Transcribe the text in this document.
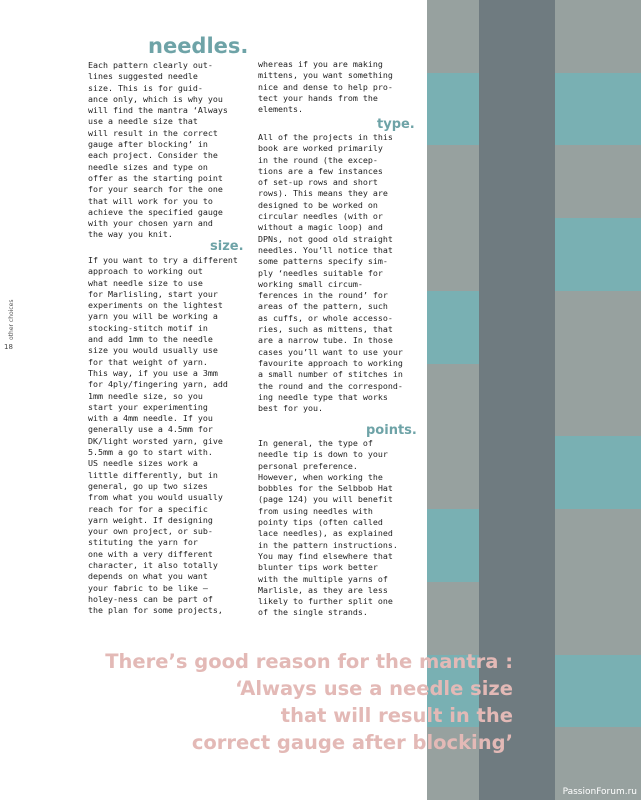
other choices
18
needles.

Each pattern clearly out-

lines suggested needle

size. This is for guid-

ance only, which is why you

will find the mantra ‘Always

use a needle size that

will result in the correct

gauge after blocking’ in

each project. Consider the

needle sizes and type on

offer as the starting point

for your search for the one

that will work for you to

achieve the specified gauge

with your chosen yarn and

the way you knit.

size.

If you want to try a different

approach to working out

what needle size to use

for Marlisling, start your

experiments on the lightest

yarn you will be working a

stocking-stitch motif in

and add 1mm to the needle

size you would usually use

for that weight of yarn.

This way, if you use a 3mm

for 4ply/fingering yarn, add

1mm needle size, so you

start your experimenting

with a 4mm needle. If you

generally use a 4.5mm for

DK/light worsted yarn, give

5.5mm a go to start with.

US needle sizes work a

little differently, but in

general, go up two sizes

from what you would usually

reach for for a specific

yarn weight. If designing

your own project, or sub-

stituting the yarn for

one with a very different

character, it also totally

depends on what you want

your fabric to be like —

holey-ness can be part of

the plan for some projects,

whereas if you are making

mittens, you want something

nice and dense to help pro-

tect your hands from the

elements.

type.

All of the projects in this

book are worked primarily

in the round (the excep-

tions are a few instances

of set-up rows and short

rows). This means they are

designed to be worked on

circular needles (with or

without a magic loop) and

DPNs, not good old straight

needles. You’ll notice that

some patterns specify sim-

ply ‘needles suitable for

working small circum-

ferences in the round’ for

areas of the pattern, such

as cuffs, or whole accesso-

ries, such as mittens, that

are a narrow tube. In those

cases you’ll want to use your

favourite approach to working

a small number of stitches in

the round and the correspond-

ing needle type that works

best for you.

points.

In general, the type of

needle tip is down to your

personal preference.

However, when working the

bobbles for the Selbbob Hat

(page 124) you will benefit

from using needles with

pointy tips (often called

lace needles), as explained

in the pattern instructions.

You may find elsewhere that

blunter tips work better

with the multiple yarns of

Marlisle, as they are less

likely to further split one

of the single strands.

There’s good reason for the mantra :
‘Always use a needle size
that will result in the
correct gauge after blocking’
PassionForum.ru
